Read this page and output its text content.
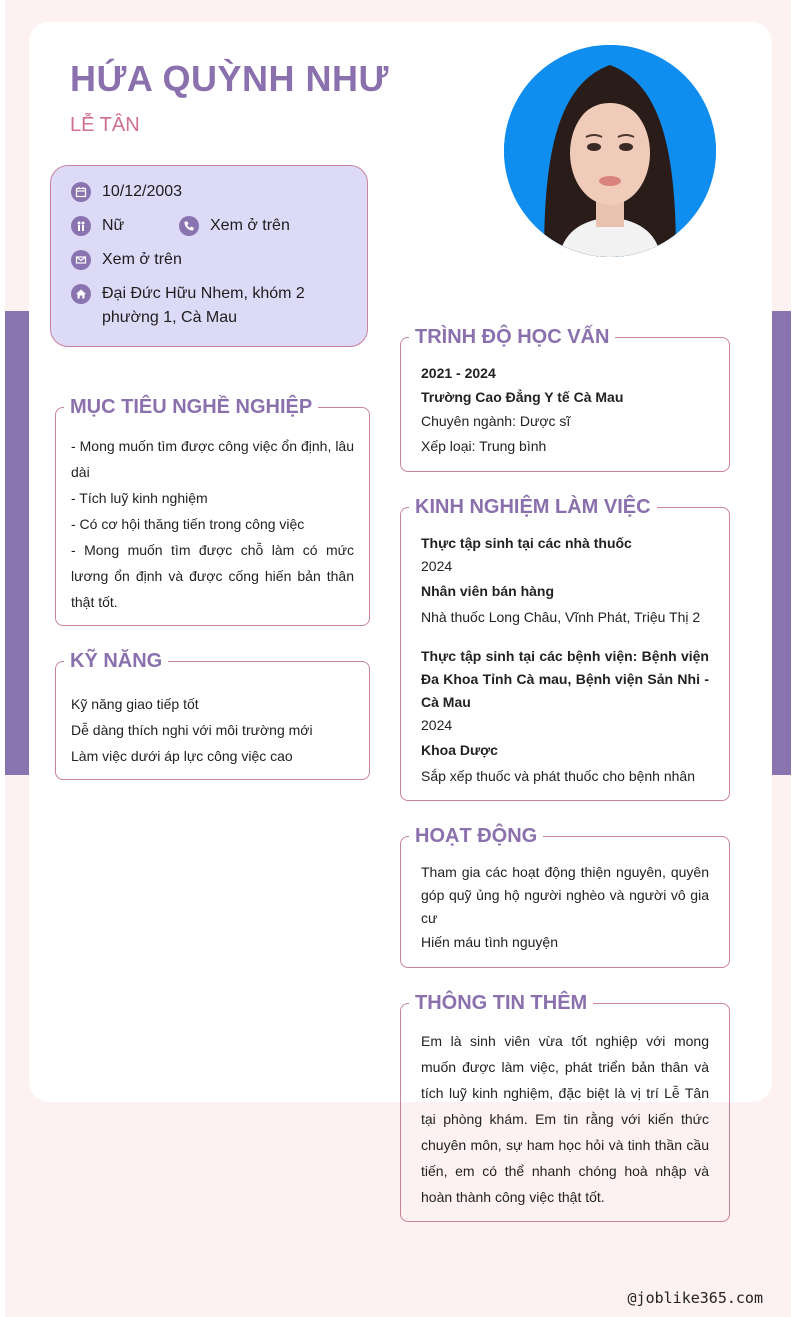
HỨA QUỲNH NHƯ
LỄ TÂN
10/12/2003
Nữ	Xem ở trên
Xem ở trên
Đại Đức Hữu Nhem, khóm 2
phường 1, Cà Mau
MỤC TIÊU NGHỀ NGHIỆP
- Mong muốn tìm được công việc ổn định, lâu dài
- Tích luỹ kinh nghiệm
- Có cơ hội thăng tiến trong công việc
- Mong muốn tìm được chỗ làm có mức lương ổn định và được cống hiến bản thân thật tốt.
KỸ NĂNG
Kỹ năng giao tiếp tốt
Dễ dàng thích nghi với môi trường mới
Làm việc dưới áp lực công việc cao
TRÌNH ĐỘ HỌC VẤN
2021 - 2024
Trường Cao Đẳng Y tế Cà Mau
Chuyên ngành: Dược sĩ
Xếp loại: Trung bình
KINH NGHIỆM LÀM VIỆC
Thực tập sinh tại các nhà thuốc
2024
Nhân viên bán hàng
Nhà thuốc Long Châu, Vĩnh Phát, Triệu Thị 2
Thực tập sinh tại các bệnh viện: Bệnh viện Đa Khoa Tỉnh Cà mau, Bệnh viện Sản Nhi - Cà Mau
2024
Khoa Dược
Sắp xếp thuốc và phát thuốc cho bệnh nhân
HOẠT ĐỘNG
Tham gia các hoạt động thiện nguyên, quyên góp quỹ ủng hộ người nghèo và người vô gia cư
Hiến máu tình nguyện
THÔNG TIN THÊM
Em là sinh viên vừa tốt nghiệp với mong muốn được làm việc, phát triển bản thân và tích luỹ kinh nghiệm, đặc biệt là vị trí Lễ Tân tại phòng khám. Em tin rằng với kiến thức chuyên môn, sự ham học hỏi và tinh thần cầu tiến, em có thể nhanh chóng hoà nhập và hoàn thành công việc thật tốt.
@joblike365.com
